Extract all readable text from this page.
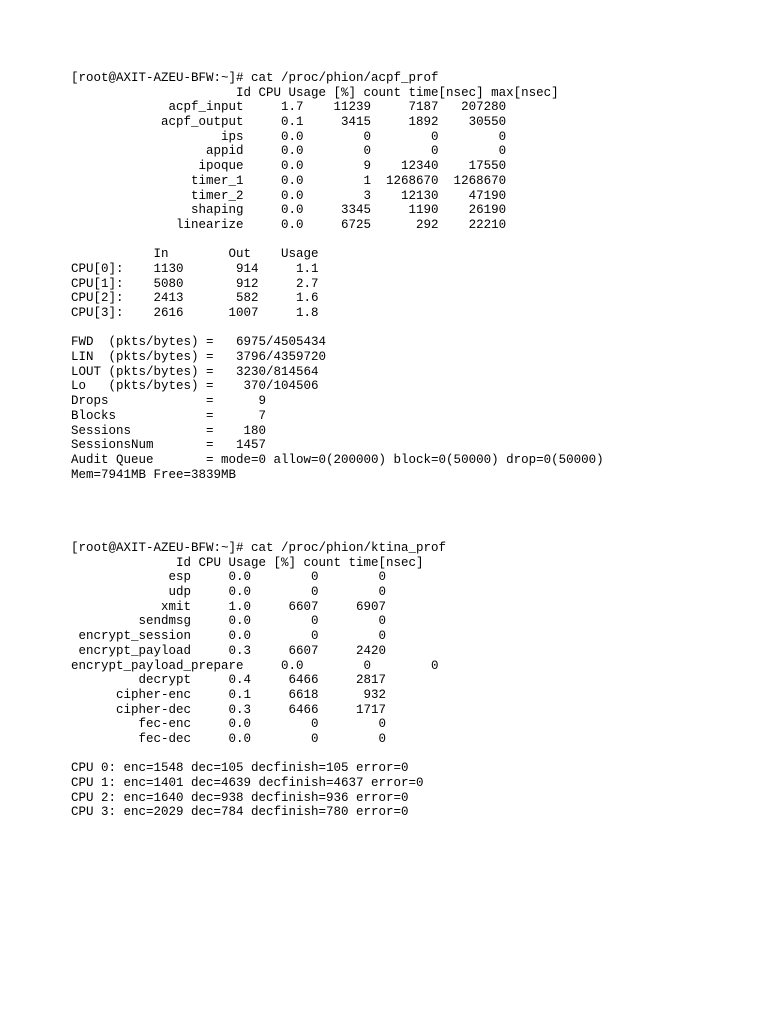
[root@AXIT-AZEU-BFW:~]# cat /proc/phion/acpf_prof
Id CPU Usage [%] count time[nsec] max[nsec]
acpf_input     1.7    11239     7187   207280
acpf_output     0.1     3415     1892    30550
ips     0.0        0        0        0
appid     0.0        0        0        0
ipoque     0.0        9    12340    17550
timer_1     0.0        1  1268670  1268670
timer_2     0.0        3    12130    47190
shaping     0.0     3345     1190    26190
linearize     0.0     6725      292    22210
In        Out    Usage
CPU[0]:    1130       914     1.1
CPU[1]:    5080       912     2.7
CPU[2]:    2413       582     1.6
CPU[3]:    2616      1007     1.8
FWD  (pkts/bytes) =   6975/4505434
LIN  (pkts/bytes) =   3796/4359720
LOUT (pkts/bytes) =   3230/814564
Lo   (pkts/bytes) =    370/104506
Drops             =      9
Blocks            =      7
Sessions          =    180
SessionsNum       =   1457
Audit Queue       = mode=0 allow=0(200000) block=0(50000) drop=0(50000)
Mem=7941MB Free=3839MB
[root@AXIT-AZEU-BFW:~]# cat /proc/phion/ktina_prof
Id CPU Usage [%] count time[nsec]
esp     0.0        0        0
udp     0.0        0        0
xmit     1.0     6607     6907
sendmsg     0.0        0        0
encrypt_session     0.0        0        0
encrypt_payload     0.3     6607     2420
encrypt_payload_prepare     0.0        0        0
decrypt     0.4     6466     2817
cipher-enc     0.1     6618      932
cipher-dec     0.3     6466     1717
fec-enc     0.0        0        0
fec-dec     0.0        0        0
CPU 0: enc=1548 dec=105 decfinish=105 error=0
CPU 1: enc=1401 dec=4639 decfinish=4637 error=0
CPU 2: enc=1640 dec=938 decfinish=936 error=0
CPU 3: enc=2029 dec=784 decfinish=780 error=0
